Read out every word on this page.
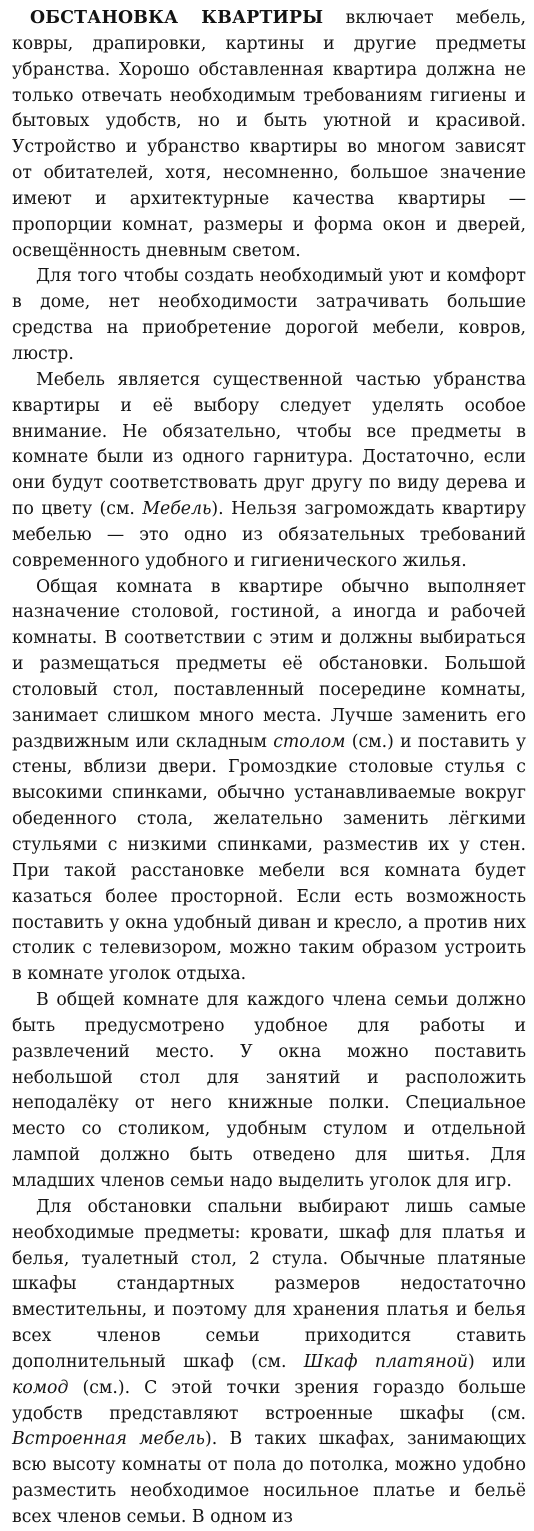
ОБСТАНОВКА КВАРТИРЫ включает мебель, ковры, драпировки, картины и другие предметы убранства. Хорошо обставленная квартира должна не только отвечать необходимым требованиям гигиены и бытовых удобств, но и быть уютной и красивой. Устройство и убранство квартиры во многом зависят от обитателей, хотя, несомненно, большое значение имеют и архитектурные качества квартиры — пропорции комнат, размеры и форма окон и дверей, освещённость дневным светом.

Для того чтобы создать необходимый уют и комфорт в доме, нет необходимости затрачивать большие средства на приобретение дорогой мебели, ковров, люстр.

Мебель является существенной частью убранства квартиры и её выбору следует уделять особое внимание. Не обязательно, чтобы все предметы в комнате были из одного гарнитура. Достаточно, если они будут соответствовать друг другу по виду дерева и по цвету (см. Мебель). Нельзя загромождать квартиру мебелью — это одно из обязательных требований современного удобного и гигиенического жилья.

Общая комната в квартире обычно выполняет назначение столовой, гостиной, а иногда и рабочей комнаты. В соответствии с этим и должны выбираться и размещаться предметы её обстановки. Большой столовый стол, поставленный посередине комнаты, занимает слишком много места. Лучше заменить его раздвижным или складным столом (см.) и поставить у стены, вблизи двери. Громоздкие столовые стулья с высокими спинками, обычно устанавливаемые вокруг обеденного стола, желательно заменить лёгкими стульями с низкими спинками, разместив их у стен. При такой расстановке мебели вся комната будет казаться более просторной. Если есть возможность поставить у окна удобный диван и кресло, а против них столик с телевизором, можно таким образом устроить в комнате уголок отдыха.

В общей комнате для каждого члена семьи должно быть предусмотрено удобное для работы и развлечений место. У окна можно поставить небольшой стол для занятий и расположить неподалёку от него книжные полки. Специальное место со столиком, удобным стулом и отдельной лампой должно быть отведено для шитья. Для младших членов семьи надо выделить уголок для игр.

Для обстановки спальни выбирают лишь самые необходимые предметы: кровати, шкаф для платья и белья, туалетный стол, 2 стула. Обычные платяные шкафы стандартных размеров недостаточно вместительны, и поэтому для хранения платья и белья всех членов семьи приходится ставить дополнительный шкаф (см. Шкаф платяной) или комод (см.). С этой точки зрения гораздо больше удобств представляют встроенные шкафы (см. Встроенная мебель). В таких шкафах, занимающих всю высоту комнаты от пола до потолка, можно удобно разместить необходимое носильное платье и бельё всех членов семьи. В одном из
